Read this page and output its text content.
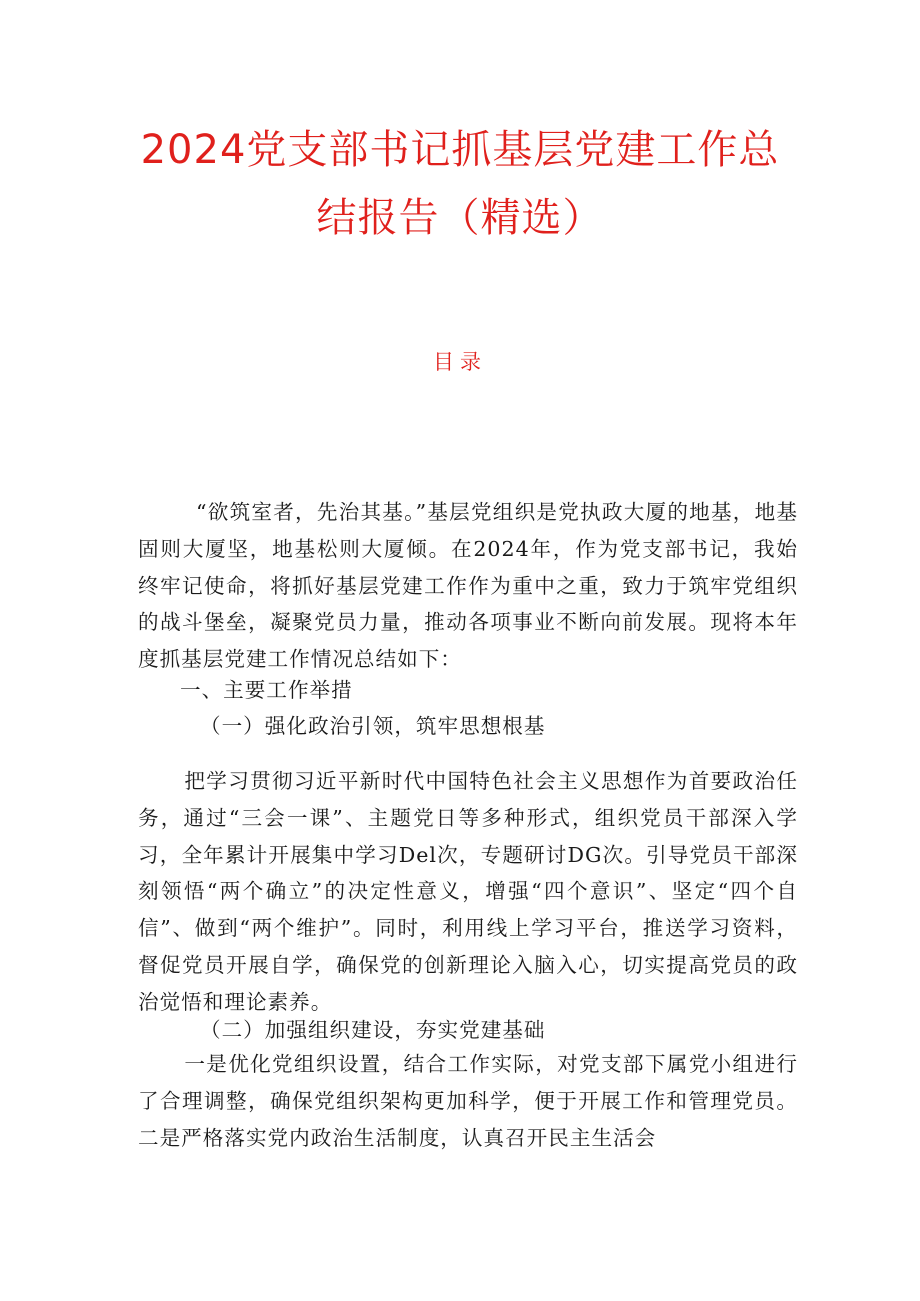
2024党支部书记抓基层党建工作总
结报告（精选）
目录
“欲筑室者，先治其基。”基层党组织是党执政大厦的地基，地基固则大厦坚，地基松则大厦倾。在2024年，作为党支部书记，我始终牢记使命，将抓好基层党建工作作为重中之重，致力于筑牢党组织的战斗堡垒，凝聚党员力量，推动各项事业不断向前发展。现将本年度抓基层党建工作情况总结如下：
一、主要工作举措
（一）强化政治引领，筑牢思想根基
把学习贯彻习近平新时代中国特色社会主义思想作为首要政治任务，通过“三会一课”、主题党日等多种形式，组织党员干部深入学习，全年累计开展集中学习Del次，专题研讨DG次。引导党员干部深刻领悟“两个确立”的决定性意义，增强“四个意识”、坚定“四个自信”、做到“两个维护”。同时，利用线上学习平台，推送学习资料，督促党员开展自学，确保党的创新理论入脑入心，切实提高党员的政治觉悟和理论素养。
（二）加强组织建设，夯实党建基础
一是优化党组织设置，结合工作实际，对党支部下属党小组进行了合理调整，确保党组织架构更加科学，便于开展工作和管理党员。二是严格落实党内政治生活制度，认真召开民主生活会
